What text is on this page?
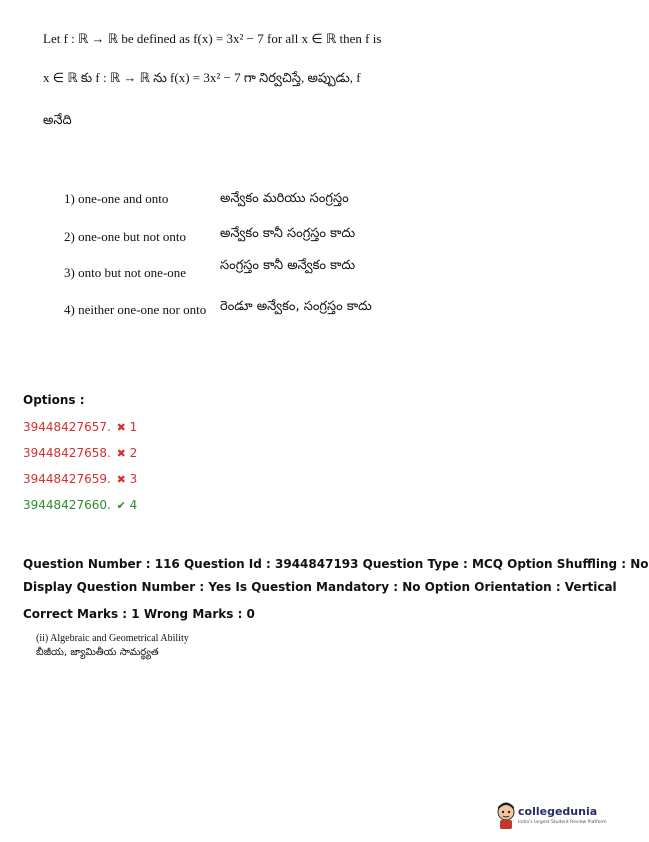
Let f : ℝ → ℝ be defined as f(x) = 3x² − 7 for all x ∈ ℝ then f is
x ∈ ℝ కు f : ℝ → ℝ ను f(x) = 3x² − 7 గా నిర్వచిస్తే, అప్పుడు, f
అనేది
1) one-one and onto	అన్వేకం మరియు సంగ్రస్తం
2) one-one but not onto	అన్వేకం కానీ సంగ్రస్తం కాదు
3) onto but not one-one	సంగ్రస్తం కానీ అన్వేకం కాదు
4) neither one-one nor onto రెండూ అన్వేకం, సంగ్రస్తం కాదు
Options :
39448427657. ✖ 1
39448427658. ✖ 2
39448427659. ✖ 3
39448427660. ✔ 4
Question Number : 116 Question Id : 3944847193 Question Type : MCQ Option Shuffling : No
Display Question Number : Yes Is Question Mandatory : No Option Orientation : Vertical
Correct Marks : 1 Wrong Marks : 0
(ii) Algebraic and Geometrical Ability
బీజీయ, జ్యామితీయ సామర్థ్యత
collegedunia
India's largest Student Review Platform
